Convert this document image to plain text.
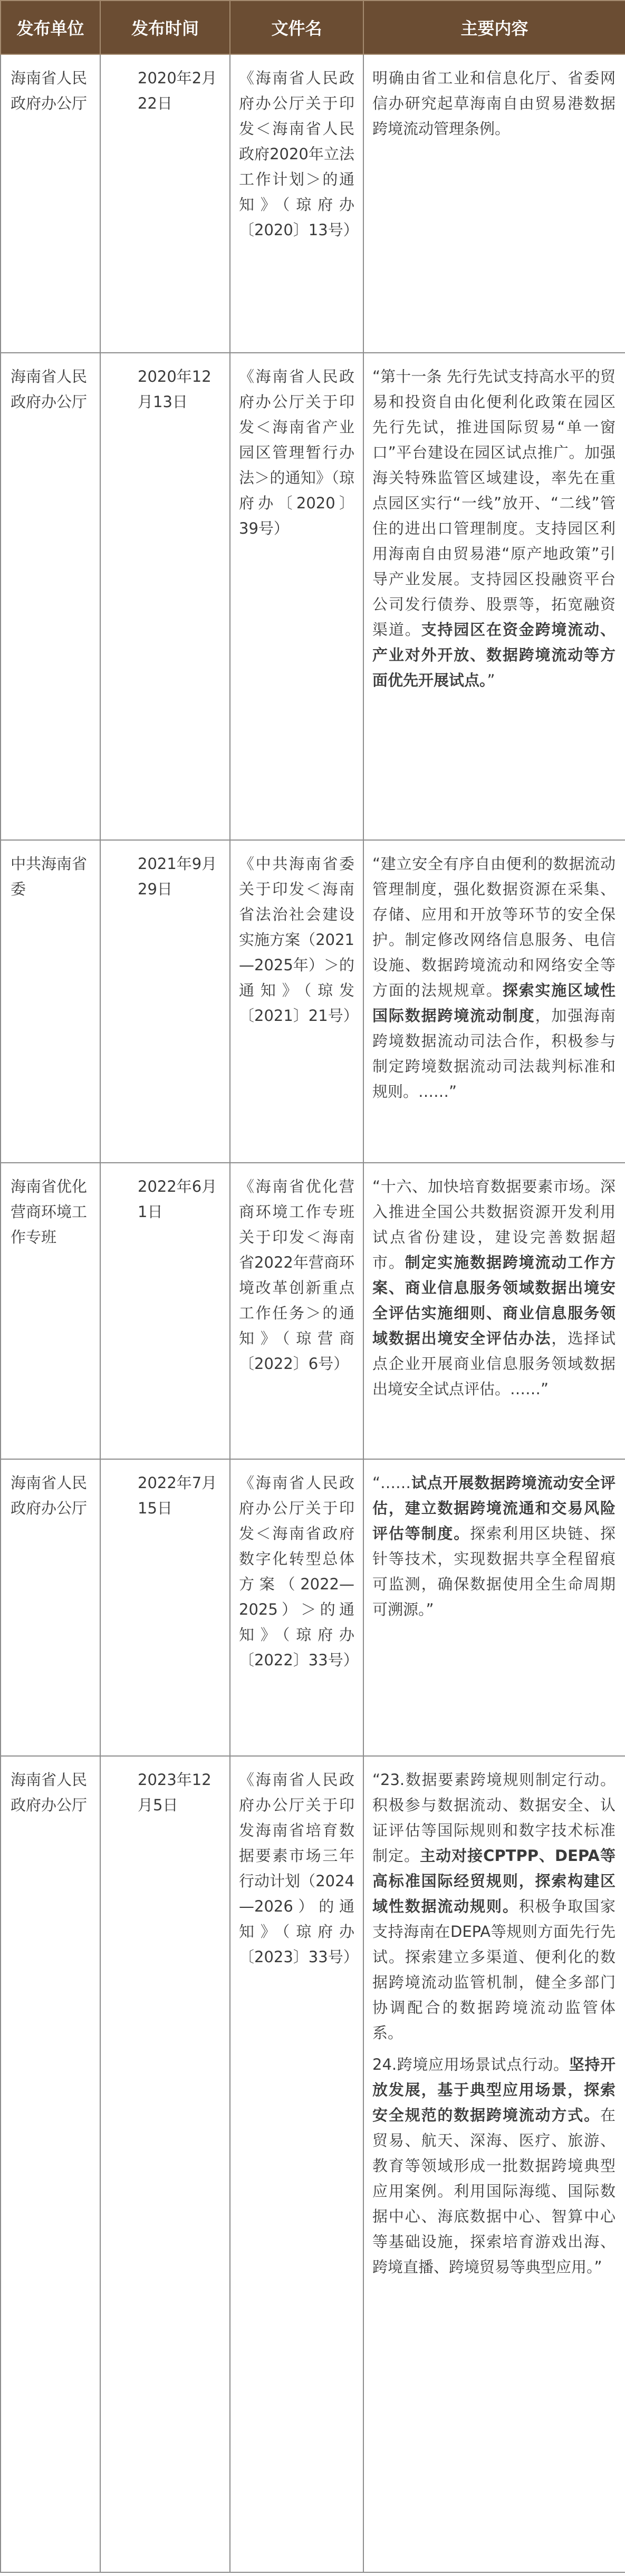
发布单位	发布时间	文件名	主要内容
海南省人民政府办公厅	2020年2月22日	《海南省人民政府办公厅关于印发＜海南省人民政府2020年立法工作计划＞的通知》（琼府办〔2020〕13号）	明确由省工业和信息化厅、省委网信办研究起草海南自由贸易港数据跨境流动管理条例。

海南省人民政府办公厅	2020年12月13日	《海南省人民政府办公厅关于印发＜海南省产业园区管理暂行办法＞的通知》（琼府办〔2020〕39号）	“第十一条 先行先试支持高水平的贸易和投资自由化便利化政策在园区先行先试，推进国际贸易“单一窗口”平台建设在园区试点推广。加强海关特殊监管区域建设，率先在重点园区实行“一线”放开、“二线”管住的进出口管理制度。支持园区利用海南自由贸易港“原产地政策”引导产业发展。支持园区投融资平台公司发行债券、股票等，拓宽融资渠道。支持园区在资金跨境流动、产业对外开放、数据跨境流动等方面优先开展试点。”

中共海南省委	2021年9月29日	《中共海南省委关于印发＜海南省法治社会建设实施方案（2021—2025年）＞的通知》（琼发〔2021〕21号）	“建立安全有序自由便利的数据流动管理制度，强化数据资源在采集、存储、应用和开放等环节的安全保护。制定修改网络信息服务、电信设施、数据跨境流动和网络安全等方面的法规规章。探索实施区域性国际数据跨境流动制度，加强海南跨境数据流动司法合作，积极参与制定跨境数据流动司法裁判标准和规则。……”

海南省优化营商环境工作专班	2022年6月1日	《海南省优化营商环境工作专班关于印发＜海南省2022年营商环境改革创新重点工作任务＞的通知》（琼营商〔2022〕6号）	“十六、加快培育数据要素市场。深入推进全国公共数据资源开发利用试点省份建设，建设完善数据超市。制定实施数据跨境流动工作方案、商业信息服务领域数据出境安全评估实施细则、商业信息服务领域数据出境安全评估办法，选择试点企业开展商业信息服务领域数据出境安全试点评估。……”

海南省人民政府办公厅	2022年7月15日	《海南省人民政府办公厅关于印发＜海南省政府数字化转型总体方案（2022—2025）＞的通知》（琼府办〔2022〕33号）	“……试点开展数据跨境流动安全评估，建立数据跨境流通和交易风险评估等制度。探索利用区块链、探针等技术，实现数据共享全程留痕可监测，确保数据使用全生命周期可溯源。”

海南省人民政府办公厅	2023年12月5日	《海南省人民政府办公厅关于印发海南省培育数据要素市场三年行动计划（2024—2026）的通知》（琼府办〔2023〕33号）	“23.数据要素跨境规则制定行动。积极参与数据流动、数据安全、认证评估等国际规则和数字技术标准制定。主动对接CPTPP、DEPA等高标准国际经贸规则，探索构建区域性数据流动规则。积极争取国家支持海南在DEPA等规则方面先行先试。探索建立多渠道、便利化的数据跨境流动监管机制，健全多部门协调配合的数据跨境流动监管体系。

24.跨境应用场景试点行动。坚持开放发展，基于典型应用场景，探索安全规范的数据跨境流动方式。在贸易、航天、深海、医疗、旅游、教育等领域形成一批数据跨境典型应用案例。利用国际海缆、国际数据中心、海底数据中心、智算中心等基础设施，探索培育游戏出海、跨境直播、跨境贸易等典型应用。”
